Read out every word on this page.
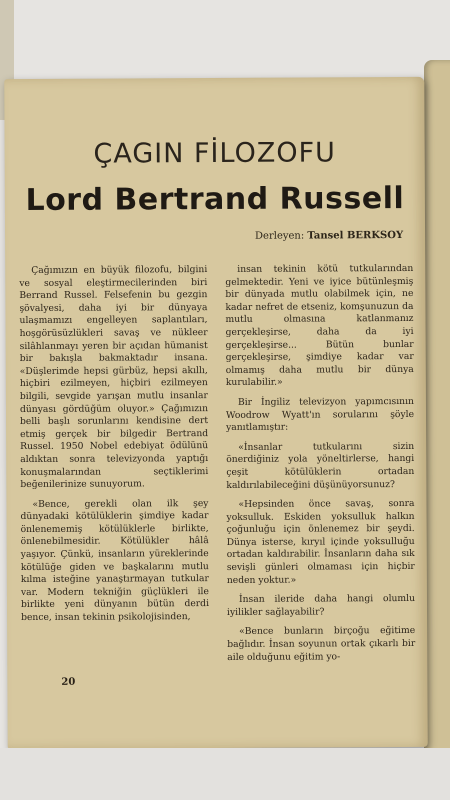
ÇAGIN FİLOZOFU
Lord Bertrand Russell
Derleyen: Tansel BERKSOY

Çağımızın en büyük filozofu, bilgini ve sosyal eleştirmecilerinden biri Berrand Russel. Felsefenin bu gezgin şövalyesi, daha iyi bir dünyaya ulaşmamızı engelleyen saplantıları, hoşgörüsüzlükleri savaş ve nükleer silâhlanmayı yeren bir açıdan hümanist bir bakışla bakmaktadır insana. «Düşlerimde hepsi gürbüz, hepsi akıllı, hiçbiri ezilmeyen, hiçbiri ezilmeyen bilgili, sevgide yarışan mutlu insanlar dünyası gördüğüm oluyor.» Çağımızın belli başlı sorunlarını kendisine dert etmiş gerçek bir bilgedir Bertrand Russel. 1950 Nobel edebiyat ödülünü aldıktan sonra televizyonda yaptığı konuşmalarından seçtiklerimi beğenilerinize sunuyorum.

«Bence, gerekli olan ilk şey dünyadaki kötülüklerin şimdiye kadar önlenememiş kötülüklerle birlikte, önlenebilmesidir. Kötülükler hâlâ yaşıyor. Çünkü, insanların yüreklerinde kötülüğe giden ve başkalarını mutlu kılma isteğine yanaştırmayan tutkular var. Modern tekniğin güçlükleri ile birlikte yeni dünyanın bütün derdi bence, insan tekinin psikolojisinden,

insan tekinin kötü tutkularından gelmektedir. Yeni ve iyice bütünleşmiş bir dünyada mutlu olabilmek için, ne kadar nefret de etseniz, komşunuzun da mutlu olmasına katlanmanız gerçekleşirse, daha da iyi gerçekleşirse... Bütün bunlar gerçekleşirse, şimdiye kadar var olmamış daha mutlu bir dünya kurulabilir.»

Bir İngiliz televizyon yapımcısının Woodrow Wyatt'ın sorularını şöyle yanıtlamıştır:

«İnsanlar tutkularını sizin önerdiğiniz yola yöneltirlerse, hangi çeşit kötülüklerin ortadan kaldırılabileceğini düşünüyorsunuz?

«Hepsinden önce savaş, sonra yoksulluk. Eskiden yoksulluk halkın çoğunluğu için önlenemez bir şeydi. Dünya isterse, kıryıl içinde yoksulluğu ortadan kaldırabilir. İnsanların daha sık sevişli günleri olmaması için hiçbir neden yoktur.»

İnsan ileride daha hangi olumlu iyilikler sağlayabilir?

«Bence bunların birçoğu eğitime bağlıdır. İnsan soyunun ortak çıkarlı bir aile olduğunu eğitim yo-

20
